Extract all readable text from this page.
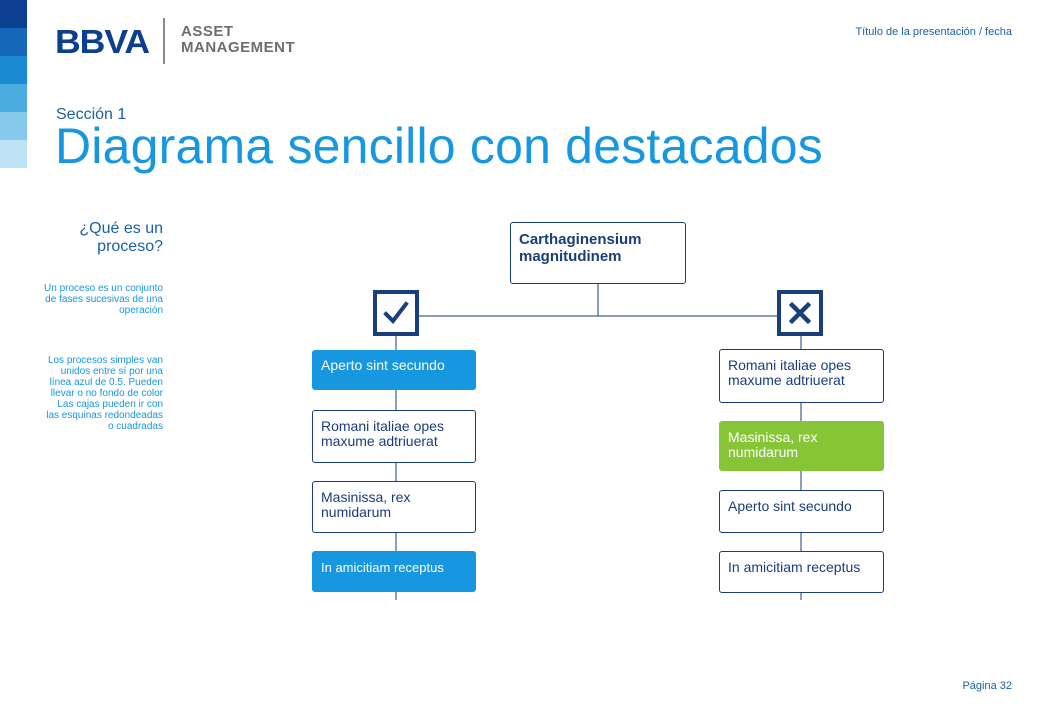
BBVA ASSET
MANAGEMENT
Título de la presentación / fecha
Sección 1
Diagrama sencillo con destacados
¿Qué es un proceso?
Un proceso es un conjunto de fases sucesivas de una operación
Los procesos simples van unidos entre sí por una línea azul de 0.5. Pueden llevar o no fondo de color Las cajas pueden ir con las esquinas redondeadas o cuadradas
Carthaginensium magnitudinem
Aperto sint secundo
Romani italiae opes maxume adtriuerat
Masinissa, rex numidarum
In amicitiam receptus
Romani italiae opes maxume adtriuerat
Masinissa, rex numidarum
Aperto sint secundo
In amicitiam receptus
Página 32
